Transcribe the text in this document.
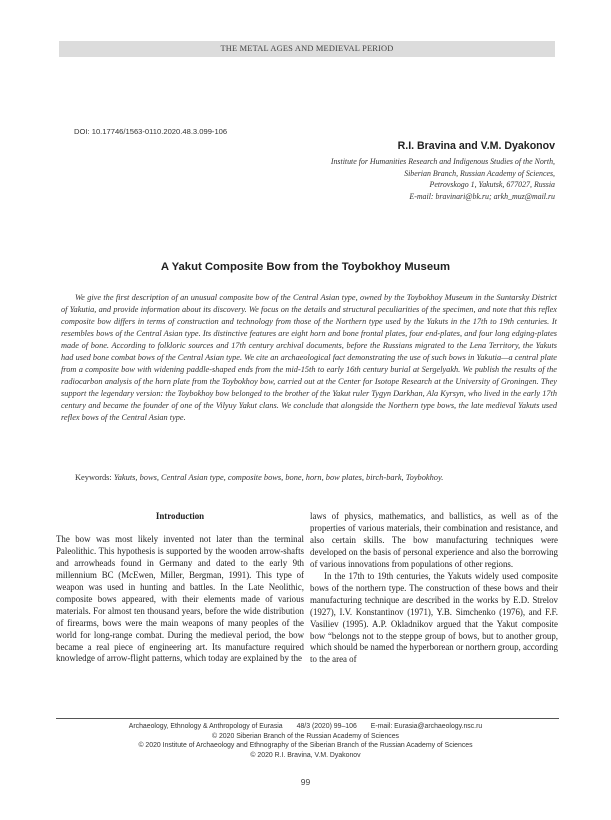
THE METAL AGES AND MEDIEVAL PERIOD
DOI: 10.17746/1563-0110.2020.48.3.099-106
R.I. Bravina and V.M. Dyakonov
Institute for Humanities Research and Indigenous Studies of the North,
Siberian Branch, Russian Academy of Sciences,
Petrovskogo 1, Yakutsk, 677027, Russia
E-mail: bravinari@bk.ru; arkh_muz@mail.ru
A Yakut Composite Bow from the Toybokhoy Museum
We give the first description of an unusual composite bow of the Central Asian type, owned by the Toybokhoy Museum in the Suntarsky District of Yakutia, and provide information about its discovery. We focus on the details and structural peculiarities of the specimen, and note that this reflex composite bow differs in terms of construction and technology from those of the Northern type used by the Yakuts in the 17th to 19th centuries. It resembles bows of the Central Asian type. Its distinctive features are eight horn and bone frontal plates, four end-plates, and four long edging-plates made of bone. According to folkloric sources and 17th century archival documents, before the Russians migrated to the Lena Territory, the Yakuts had used bone combat bows of the Central Asian type. We cite an archaeological fact demonstrating the use of such bows in Yakutia—a central plate from a composite bow with widening paddle-shaped ends from the mid-15th to early 16th century burial at Sergelyakh. We publish the results of the radiocarbon analysis of the horn plate from the Toybokhoy bow, carried out at the Center for Isotope Research at the University of Groningen. They support the legendary version: the Toybokhoy bow belonged to the brother of the Yakut ruler Tygyn Darkhan, Ala Kyrsyn, who lived in the early 17th century and became the founder of one of the Vilyuy Yakut clans. We conclude that alongside the Northern type bows, the late medieval Yakuts used reflex bows of the Central Asian type.
Keywords: Yakuts, bows, Central Asian type, composite bows, bone, horn, bow plates, birch-bark, Toybokhoy.
Introduction

The bow was most likely invented not later than the terminal Paleolithic. This hypothesis is supported by the wooden arrow-shafts and arrowheads found in Germany and dated to the early 9th millennium BC (McEwen, Miller, Bergman, 1991). This type of weapon was used in hunting and battles. In the Late Neolithic, composite bows appeared, with their elements made of various materials. For almost ten thousand years, before the wide distribution of firearms, bows were the main weapons of many peoples of the world for long-range combat. During the medieval period, the bow became a real piece of engineering art. Its manufacture required knowledge of arrow-flight patterns, which today are explained by the

laws of physics, mathematics, and ballistics, as well as of the properties of various materials, their combination and resistance, and also certain skills. The bow manufacturing techniques were developed on the basis of personal experience and also the borrowing of various innovations from populations of other regions.

In the 17th to 19th centuries, the Yakuts widely used composite bows of the northern type. The construction of these bows and their manufacturing technique are described in the works by E.D. Strelov (1927), I.V. Konstantinov (1971), Y.B. Simchenko (1976), and F.F. Vasiliev (1995). A.P. Okladnikov argued that the Yakut composite bow “belongs not to the steppe group of bows, but to another group, which should be named the hyperborean or northern group, according to the area of

Archaeology, Ethnology & Anthropology of Eurasia 48/3 (2020) 99–106 E-mail: Eurasia@archaeology.nsc.ru
© 2020 Siberian Branch of the Russian Academy of Sciences
© 2020 Institute of Archaeology and Ethnography of the Siberian Branch of the Russian Academy of Sciences
© 2020 R.I. Bravina, V.M. Dyakonov
99
